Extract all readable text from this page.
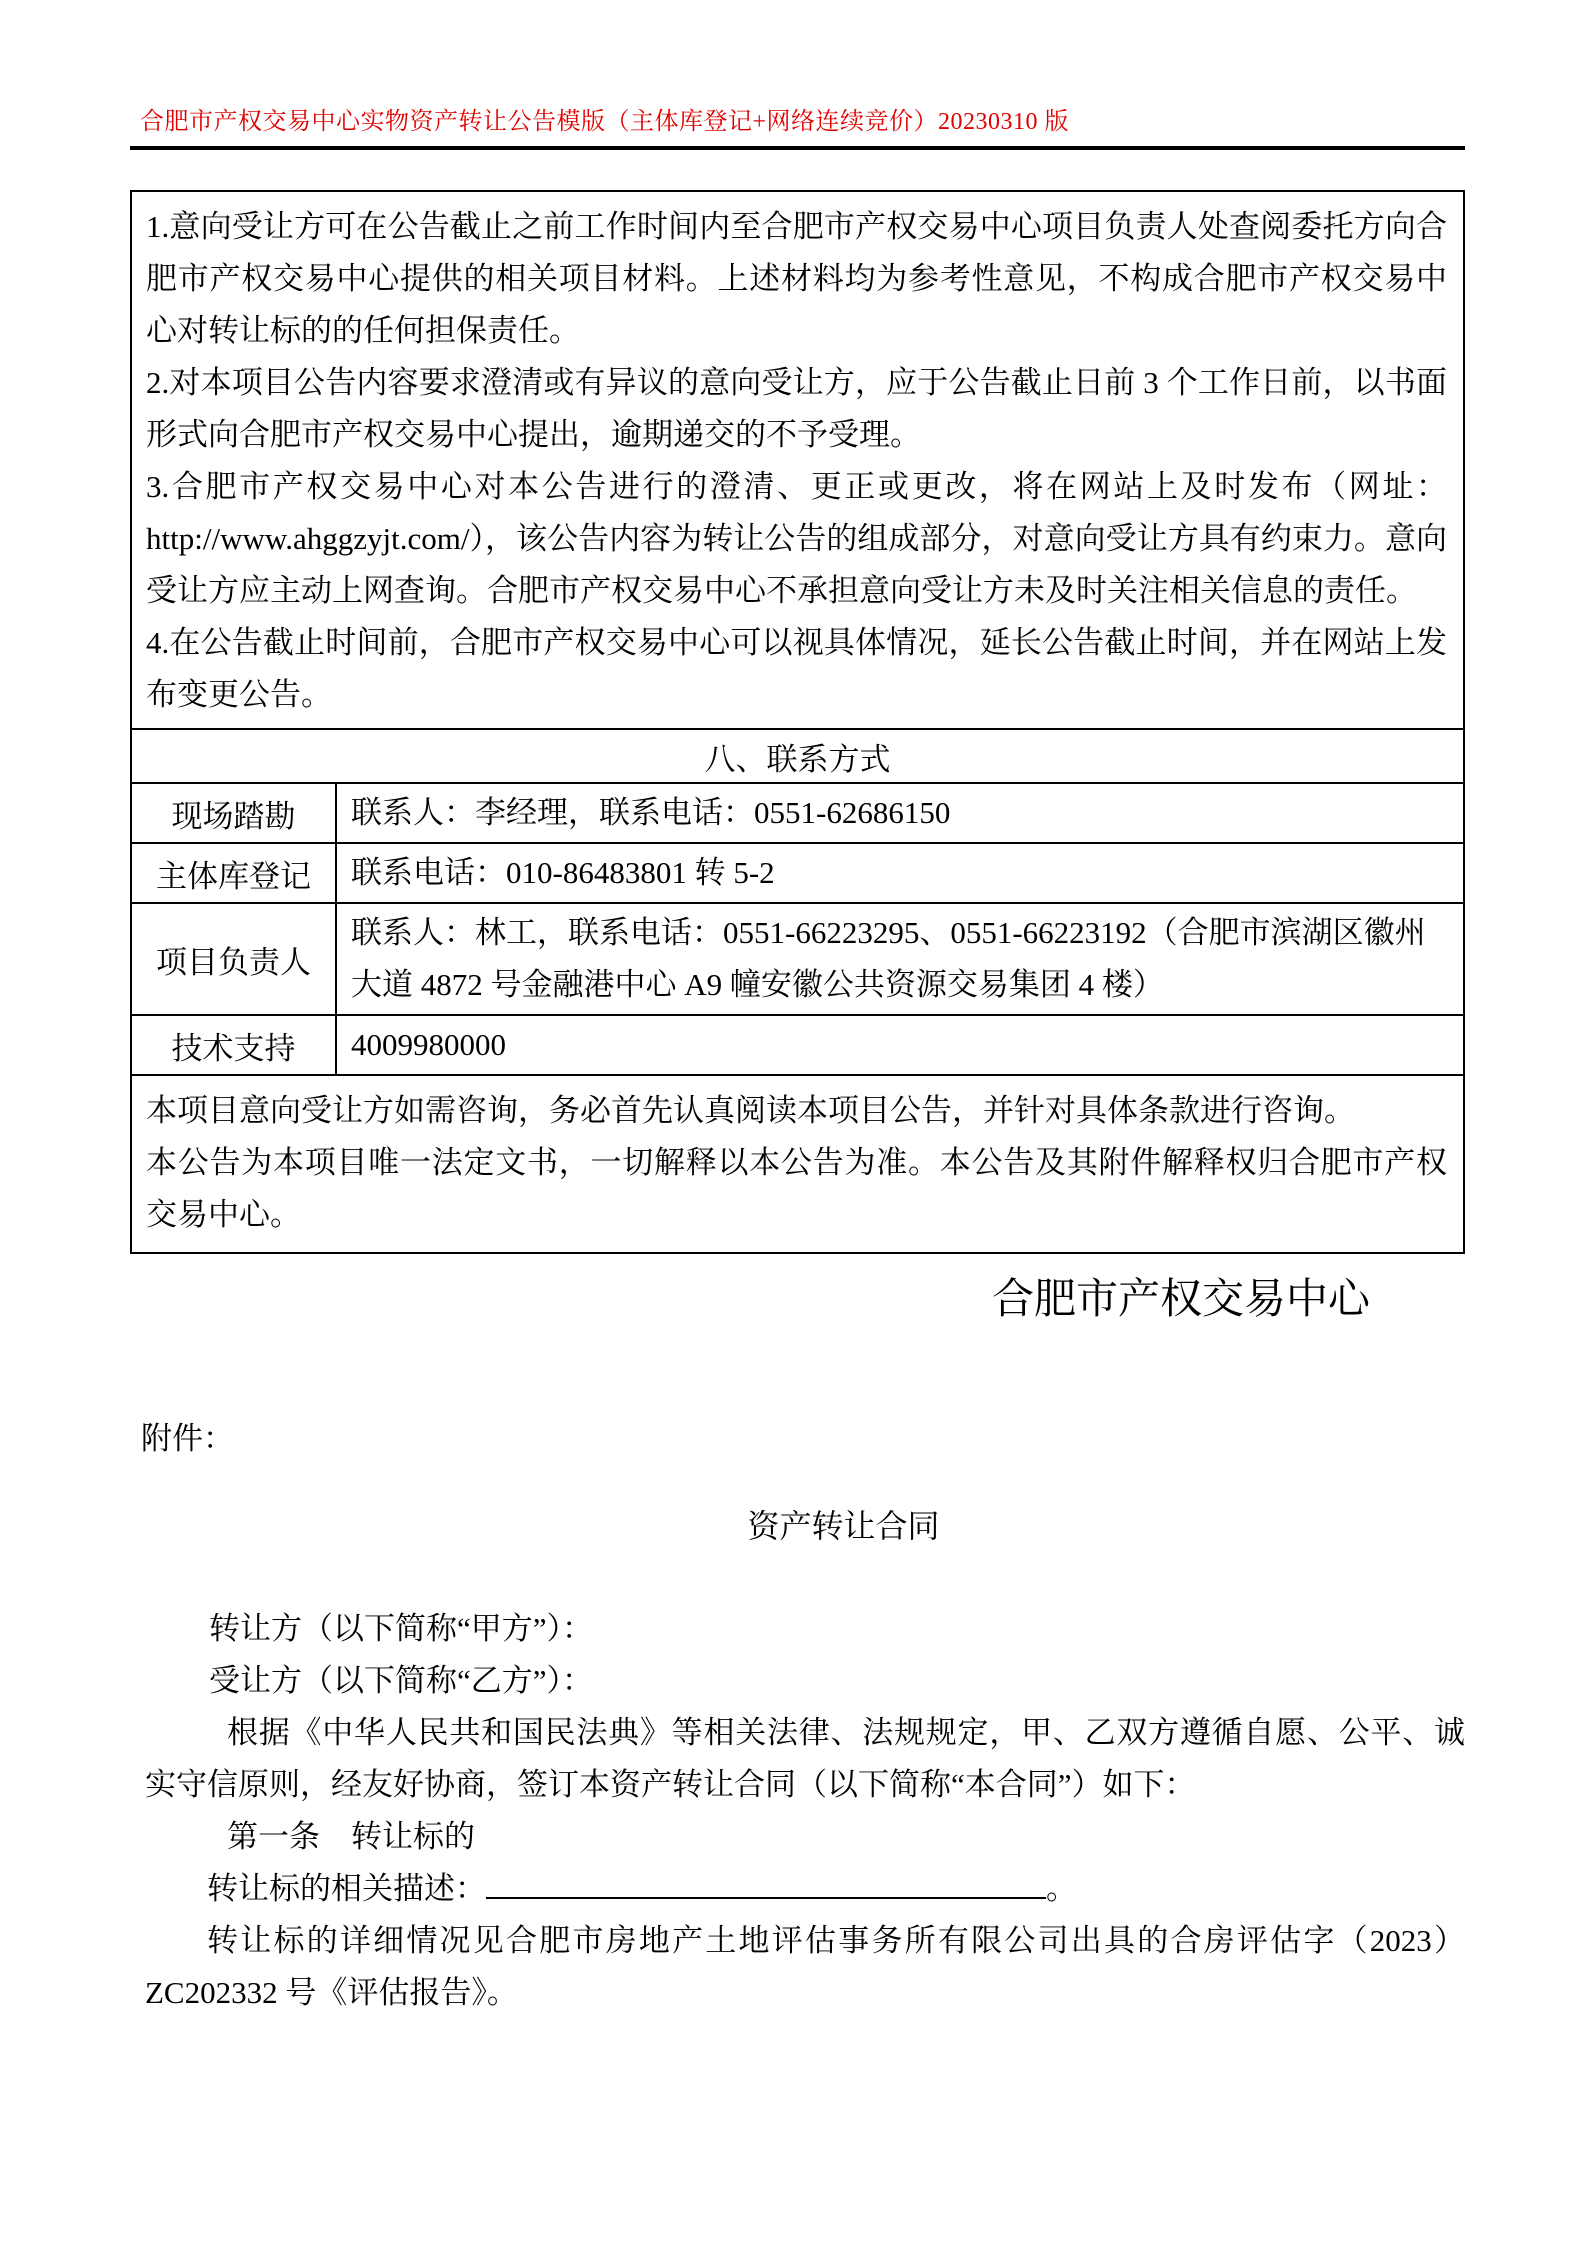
合肥市产权交易中心实物资产转让公告模版（主体库登记+网络连续竞价）20230310 版

1.意向受让方可在公告截止之前工作时间内至合肥市产权交易中心项目负责人处查阅委托方向合肥市产权交易中心提供的相关项目材料。上述材料均为参考性意见，不构成合肥市产权交易中心对转让标的的任何担保责任。

2.对本项目公告内容要求澄清或有异议的意向受让方，应于公告截止日前 3 个工作日前，以书面形式向合肥市产权交易中心提出，逾期递交的不予受理。

3.合肥市产权交易中心对本公告进行的澄清、更正或更改，将在网站上及时发布（网址：http://www.ahggzyjt.com/），该公告内容为转让公告的组成部分，对意向受让方具有约束力。意向受让方应主动上网查询。合肥市产权交易中心不承担意向受让方未及时关注相关信息的责任。

4.在公告截止时间前，合肥市产权交易中心可以视具体情况，延长公告截止时间，并在网站上发布变更公告。	

八、联系方式	
现场踏勘	联系人：李经理，联系电话：0551-62686150
主体库登记	联系电话：010-86483801 转 5-2
项目负责人	联系人：林工，联系电话：0551-66223295、0551-66223192（合肥市滨湖区徽州大道 4872 号金融港中心 A9 幢安徽公共资源交易集团 4 楼）
技术支持	4009980000

本项目意向受让方如需咨询，务必首先认真阅读本项目公告，并针对具体条款进行咨询。

本公告为本项目唯一法定文书，一切解释以本公告为准。本公告及其附件解释权归合肥市产权交易中心。	

合肥市产权交易中心
附件：
资产转让合同

转让方（以下简称“甲方”）：

受让方（以下简称“乙方”）：

根据《中华人民共和国民法典》等相关法律、法规规定，甲、乙双方遵循自愿、公平、诚实守信原则，经友好协商，签订本资产转让合同（以下简称“本合同”）如下：

第一条　转让标的

转让标的相关描述：	。

转让标的详细情况见合肥市房地产土地评估事务所有限公司出具的合房评估字（2023）ZC202332 号《评估报告》。
